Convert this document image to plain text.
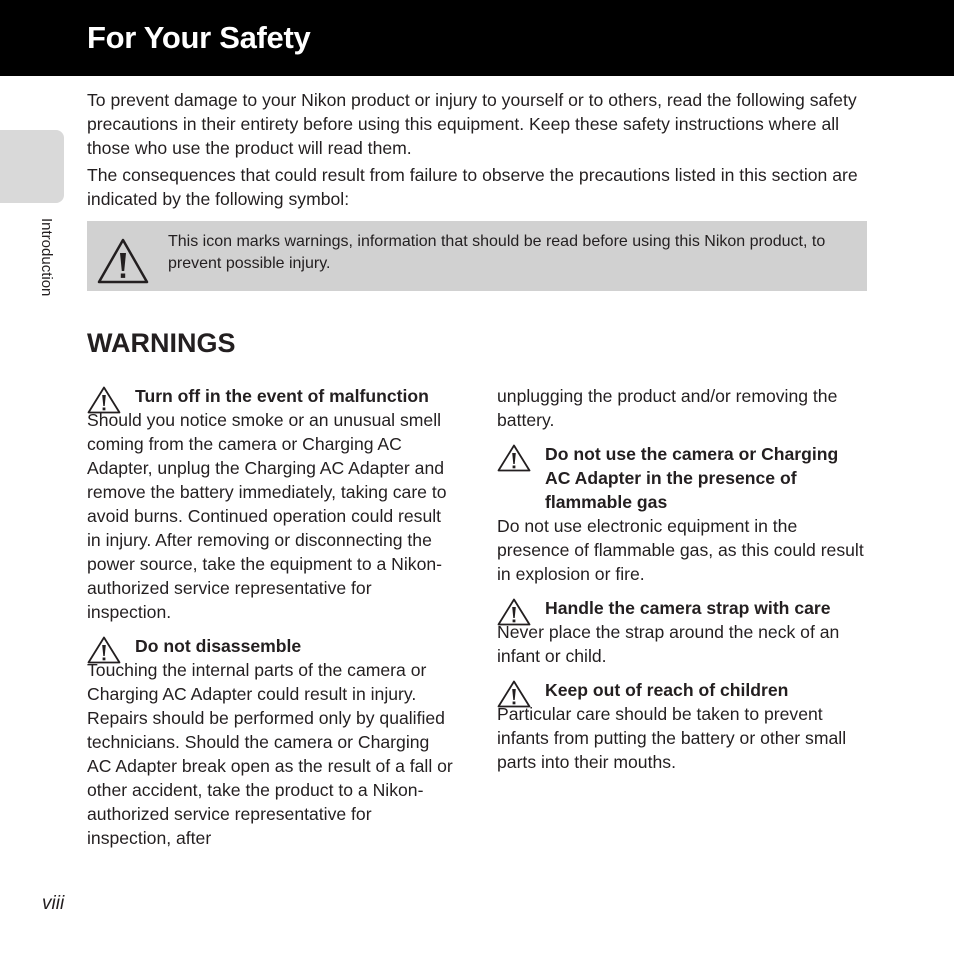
For Your Safety
Introduction

To prevent damage to your Nikon product or injury to yourself or to others, read the following safety precautions in their entirety before using this equipment. Keep these safety instructions where all those who use the product will read them.

The consequences that could result from failure to observe the precautions listed in this section are indicated by the following symbol:

This icon marks warnings, information that should be read before using this Nikon product, to prevent possible injury.
WARNINGS
Turn off in the event of malfunction

Should you notice smoke or an unusual smell coming from the camera or Charging AC Adapter, unplug the Charging AC Adapter and remove the battery immediately, taking care to avoid burns. Continued operation could result in injury. After removing or disconnecting the power source, take the equipment to a Nikon-authorized service representative for inspection.

Do not disassemble

Touching the internal parts of the camera or Charging AC Adapter could result in injury. Repairs should be performed only by qualified technicians. Should the camera or Charging AC Adapter break open as the result of a fall or other accident, take the product to a Nikon-authorized service representative for inspection, after

unplugging the product and/or removing the battery.

Do not use the camera or Charging AC Adapter in the presence of flammable gas

Do not use electronic equipment in the presence of flammable gas, as this could result in explosion or fire.

Handle the camera strap with care

Never place the strap around the neck of an infant or child.

Keep out of reach of children

Particular care should be taken to prevent infants from putting the battery or other small parts into their mouths.

viii
